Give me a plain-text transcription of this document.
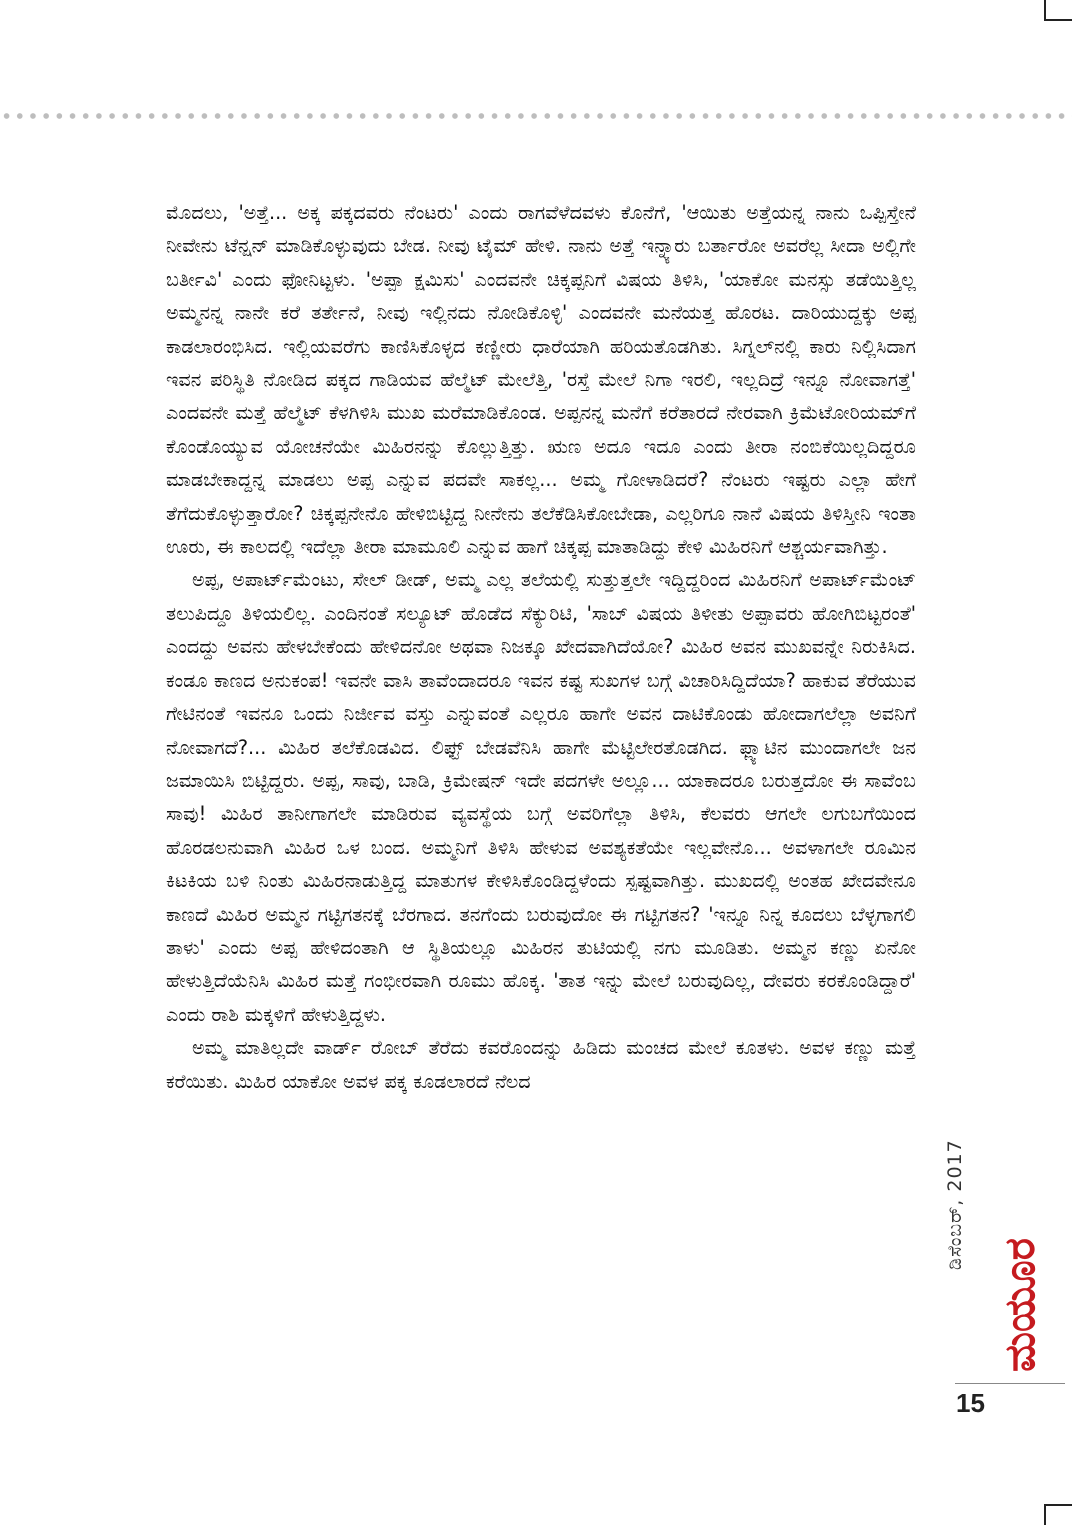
ಮೊದಲು, 'ಅತ್ತೆ... ಅಕ್ಕ ಪಕ್ಕದವರು ನೆಂಟರು' ಎಂದು ರಾಗವೆಳೆದವಳು ಕೊನೆಗೆ, 'ಆಯಿತು ಅತ್ತೆಯನ್ನ ನಾನು ಒಪ್ಪಿಸ್ತೇನೆ ನೀವೇನು ಟೆನ್ಷನ್ ಮಾಡಿಕೊಳ್ಳುವುದು ಬೇಡ. ನೀವು ಟೈಮ್ ಹೇಳಿ. ನಾನು ಅತ್ತೆ ಇನ್ನ್ಯಾರು ಬರ್ತಾರೋ ಅವರೆಲ್ಲ ಸೀದಾ ಅಲ್ಲಿಗೇ ಬರ್ತೀವಿ' ಎಂದು ಫೋನಿಟ್ಟಳು. 'ಅಪ್ಪಾ ಕ್ಷಮಿಸು' ಎಂದವನೇ ಚಿಕ್ಕಪ್ಪನಿಗೆ ವಿಷಯ ತಿಳಿಸಿ, 'ಯಾಕೋ ಮನಸ್ಸು ತಡೆಯಿತ್ತಿಲ್ಲ ಅಮ್ಮನನ್ನ ನಾನೇ ಕರೆ ತರ್ತೇನೆ, ನೀವು ಇಲ್ಲಿನದು ನೋಡಿಕೊಳ್ಳಿ' ಎಂದವನೇ ಮನೆಯತ್ತ ಹೊರಟ. ದಾರಿಯುದ್ದಕ್ಕು ಅಪ್ಪ ಕಾಡಲಾರಂಭಿಸಿದ. ಇಲ್ಲಿಯವರೆಗು ಕಾಣಿಸಿಕೊಳ್ಳದ ಕಣ್ಣೀರು ಧಾರೆಯಾಗಿ ಹರಿಯತೊಡಗಿತು. ಸಿಗ್ನಲ್‌ನಲ್ಲಿ ಕಾರು ನಿಲ್ಲಿಸಿದಾಗ ಇವನ ಪರಿಸ್ಥಿತಿ ನೋಡಿದ ಪಕ್ಕದ ಗಾಡಿಯವ ಹೆಲ್ಮೆಟ್ ಮೇಲೆತ್ತಿ, 'ರಸ್ತೆ ಮೇಲೆ ನಿಗಾ ಇರಲಿ, ಇಲ್ಲದಿದ್ರೆ ಇನ್ನೂ ನೋವಾಗತ್ತೆ' ಎಂದವನೇ ಮತ್ತೆ ಹೆಲ್ಮೆಟ್ ಕೆಳಗಿಳಿಸಿ ಮುಖ ಮರೆಮಾಡಿಕೊಂಡ. ಅಪ್ಪನನ್ನ ಮನೆಗೆ ಕರೆತಾರದೆ ನೇರವಾಗಿ ಕ್ರಿಮೆಟೋರಿಯಮ್‌ಗೆ ಕೊಂಡೊಯ್ಯುವ ಯೋಚನೆಯೇ ಮಿಹಿರನನ್ನು ಕೊಲ್ಲುತ್ತಿತ್ತು. ಋಣ ಅದೂ ಇದೂ ಎಂದು ತೀರಾ ನಂಬಿಕೆಯಿಲ್ಲದಿದ್ದರೂ ಮಾಡಬೇಕಾದ್ದನ್ನ ಮಾಡಲು ಅಪ್ಪ ಎನ್ನುವ ಪದವೇ ಸಾಕಲ್ಲ... ಅಮ್ಮ ಗೋಳಾಡಿದರೆ? ನೆಂಟರು ಇಷ್ಟರು ಎಲ್ಲಾ ಹೇಗೆ ತೆಗೆದುಕೊಳ್ಳುತ್ತಾರೋ? ಚಿಕ್ಕಪ್ಪನೇನೊ ಹೇಳಿಬಿಟ್ಟಿದ್ದ ನೀನೇನು ತಲೆಕೆಡಿಸಿಕೋಬೇಡಾ, ಎಲ್ಲರಿಗೂ ನಾನೆ ವಿಷಯ ತಿಳಿಸ್ತೀನಿ ಇಂತಾ ಊರು, ಈ ಕಾಲದಲ್ಲಿ ಇದೆಲ್ಲಾ ತೀರಾ ಮಾಮೂಲಿ ಎನ್ನುವ ಹಾಗೆ ಚಿಕ್ಕಪ್ಪ ಮಾತಾಡಿದ್ದು ಕೇಳಿ ಮಿಹಿರನಿಗೆ ಆಶ್ಚರ್ಯವಾಗಿತ್ತು.

ಅಪ್ಪ, ಅಪಾರ್ಟ್‌ಮೆಂಟು, ಸೇಲ್ ಡೀಡ್, ಅಮ್ಮ ಎಲ್ಲ ತಲೆಯಲ್ಲಿ ಸುತ್ತುತ್ತಲೇ ಇದ್ದಿದ್ದರಿಂದ ಮಿಹಿರನಿಗೆ ಅಪಾರ್ಟ್‌ಮೆಂಟ್ ತಲುಪಿದ್ದೂ ತಿಳಿಯಲಿಲ್ಲ. ಎಂದಿನಂತೆ ಸಲ್ಯೂಟ್ ಹೊಡೆದ ಸೆಕ್ಯುರಿಟಿ, 'ಸಾಬ್ ವಿಷಯ ತಿಳೀತು ಅಪ್ಪಾವರು ಹೋಗಿಬಿಟ್ಟರಂತೆ' ಎಂದದ್ದು ಅವನು ಹೇಳಬೇಕೆಂದು ಹೇಳಿದನೋ ಅಥವಾ ನಿಜಕ್ಕೂ ಖೇದವಾಗಿದೆಯೋ? ಮಿಹಿರ ಅವನ ಮುಖವನ್ನೇ ನಿರುಕಿಸಿದ. ಕಂಡೂ ಕಾಣದ ಅನುಕಂಪ! ಇವನೇ ವಾಸಿ ತಾವೆಂದಾದರೂ ಇವನ ಕಷ್ಟ ಸುಖಗಳ ಬಗ್ಗೆ ವಿಚಾರಿಸಿದ್ದಿದೆಯಾ? ಹಾಕುವ ತೆರೆಯುವ ಗೇಟಿನಂತೆ ಇವನೂ ಒಂದು ನಿರ್ಜೀವ ವಸ್ತು ಎನ್ನುವಂತೆ ಎಲ್ಲರೂ ಹಾಗೇ ಅವನ ದಾಟಿಕೊಂಡು ಹೋದಾಗಲೆಲ್ಲಾ ಅವನಿಗೆ ನೋವಾಗದೆ?... ಮಿಹಿರ ತಲೆಕೊಡವಿದ. ಲಿಫ್ಟ್ ಬೇಡವೆನಿಸಿ ಹಾಗೇ ಮೆಟ್ಟಿಲೇರತೊಡಗಿದ. ಫ್ಲ್ಯಾಟಿನ ಮುಂದಾಗಲೇ ಜನ ಜಮಾಯಿಸಿ ಬಿಟ್ಟಿದ್ದರು. ಅಪ್ಪ, ಸಾವು, ಬಾಡಿ, ಕ್ರಿಮೇಷನ್ ಇದೇ ಪದಗಳೇ ಅಲ್ಲೂ... ಯಾಕಾದರೂ ಬರುತ್ತದೋ ಈ ಸಾವೆಂಬ ಸಾವು! ಮಿಹಿರ ತಾನೀಗಾಗಲೇ ಮಾಡಿರುವ ವ್ಯವಸ್ಥೆಯ ಬಗ್ಗೆ ಅವರಿಗೆಲ್ಲಾ ತಿಳಿಸಿ, ಕೆಲವರು ಆಗಲೇ ಲಗುಬಗೆಯಿಂದ ಹೊರಡಲನುವಾಗಿ ಮಿಹಿರ ಒಳ ಬಂದ. ಅಮ್ಮನಿಗೆ ತಿಳಿಸಿ ಹೇಳುವ ಅವಶ್ಯಕತೆಯೇ ಇಲ್ಲವೇನೊ... ಅವಳಾಗಲೇ ರೂಮಿನ ಕಿಟಕಿಯ ಬಳಿ ನಿಂತು ಮಿಹಿರನಾಡುತ್ತಿದ್ದ ಮಾತುಗಳ ಕೇಳಿಸಿಕೊಂಡಿದ್ದಳೆಂದು ಸ್ಪಷ್ಟವಾಗಿತ್ತು. ಮುಖದಲ್ಲಿ ಅಂತಹ ಖೇದವೇನೂ ಕಾಣದೆ ಮಿಹಿರ ಅಮ್ಮನ ಗಟ್ಟಿಗತನಕ್ಕೆ ಬೆರಗಾದ. ತನಗೆಂದು ಬರುವುದೋ ಈ ಗಟ್ಟಿಗತನ? 'ಇನ್ನೂ ನಿನ್ನ ಕೂದಲು ಬೆಳ್ಳಗಾಗಲಿ ತಾಳು' ಎಂದು ಅಪ್ಪ ಹೇಳಿದಂತಾಗಿ ಆ ಸ್ಥಿತಿಯಲ್ಲೂ ಮಿಹಿರನ ತುಟಿಯಲ್ಲಿ ನಗು ಮೂಡಿತು. ಅಮ್ಮನ ಕಣ್ಣು ಏನೋ ಹೇಳುತ್ತಿದೆಯೆನಿಸಿ ಮಿಹಿರ ಮತ್ತೆ ಗಂಭೀರವಾಗಿ ರೂಮು ಹೊಕ್ಕ. 'ತಾತ ಇನ್ನು ಮೇಲೆ ಬರುವುದಿಲ್ಲ, ದೇವರು ಕರಕೊಂಡಿದ್ದಾರೆ' ಎಂದು ರಾಶಿ ಮಕ್ಕಳಿಗೆ ಹೇಳುತ್ತಿದ್ದಳು.

ಅಮ್ಮ ಮಾತಿಲ್ಲದೇ ವಾರ್ಡ್ ರೋಬ್ ತೆರೆದು ಕವರೊಂದನ್ನು ಹಿಡಿದು ಮಂಚದ ಮೇಲೆ ಕೂತಳು. ಅವಳ ಕಣ್ಣು ಮತ್ತೆ ಕರೆಯಿತು. ಮಿಹಿರ ಯಾಕೋ ಅವಳ ಪಕ್ಕ ಕೂಡಲಾರದೆ ನೆಲದ

ಡಿಸೆಂಬರ್, 2017
ಮಯೂರ
15
